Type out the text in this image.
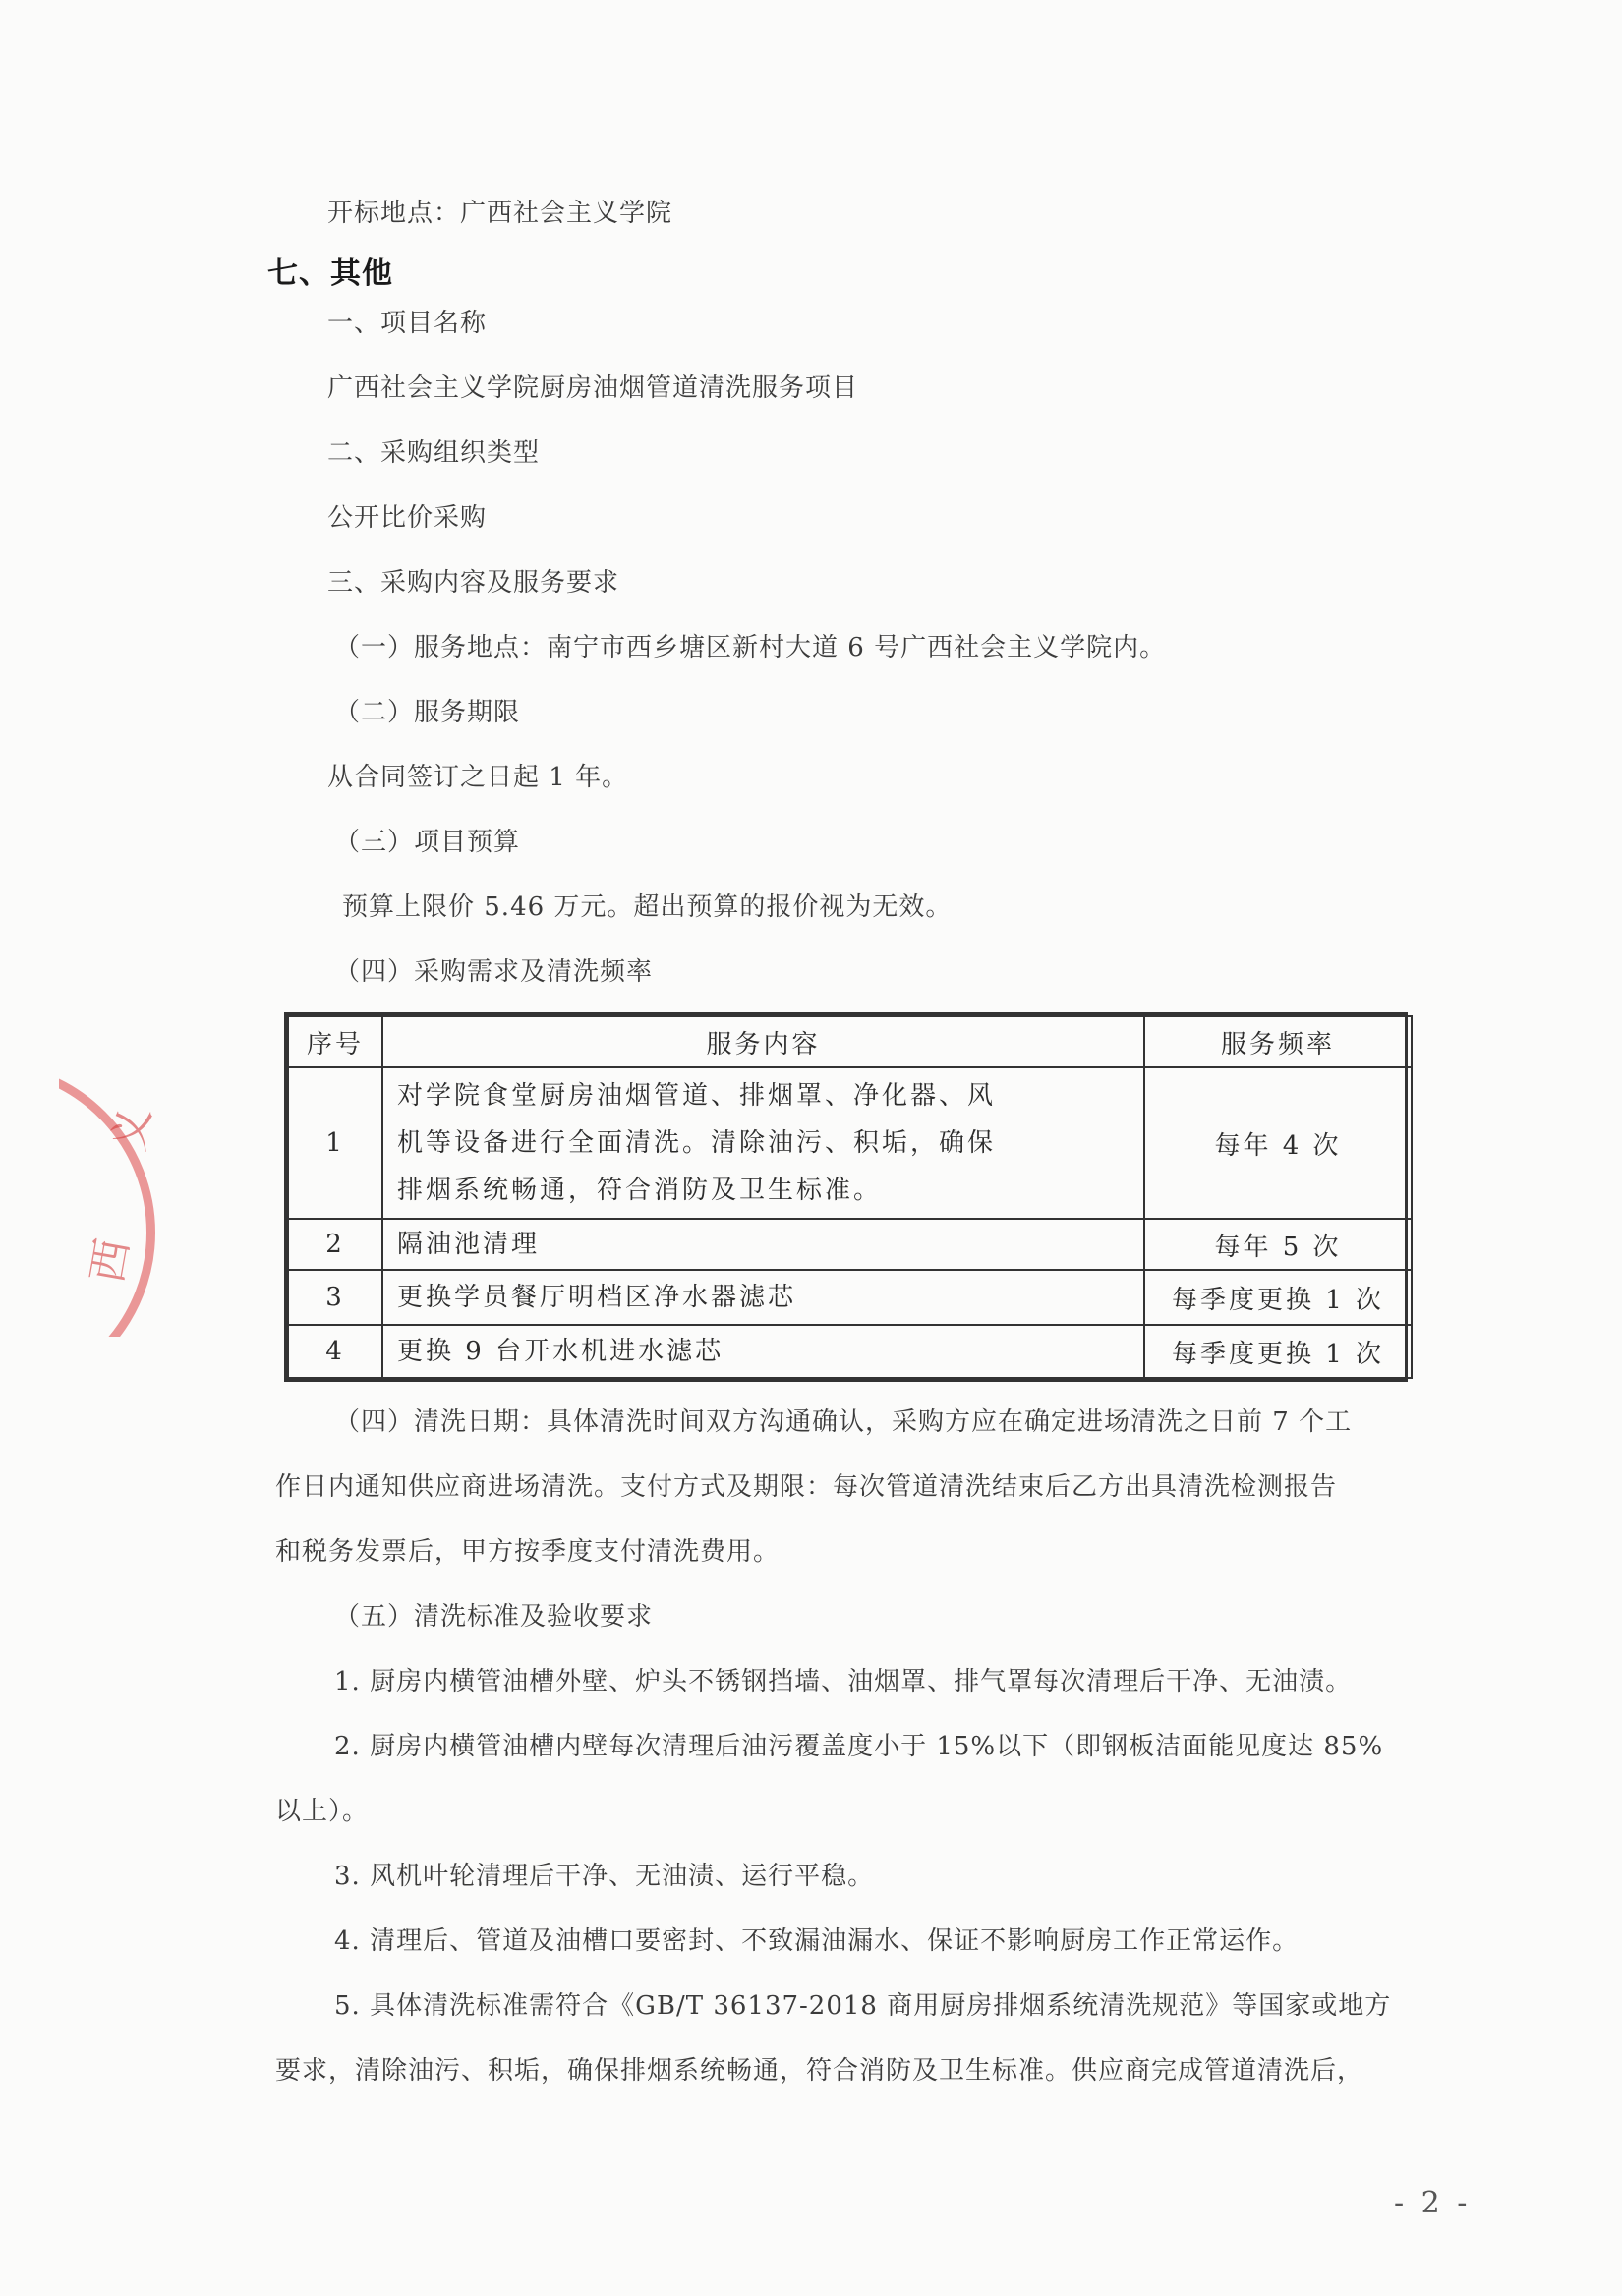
开标地点：广西社会主义学院
七、其他
一、项目名称
广西社会主义学院厨房油烟管道清洗服务项目
二、采购组织类型
公开比价采购
三、采购内容及服务要求
（一）服务地点：南宁市西乡塘区新村大道 6 号广西社会主义学院内。
（二）服务期限
从合同签订之日起 1 年。
（三）项目预算
预算上限价 5.46 万元。超出预算的报价视为无效。
（四）采购需求及清洗频率
序号	服务内容	服务频率
1	对学院食堂厨房油烟管道、排烟罩、净化器、风
机等设备进行全面清洗。清除油污、积垢，确保
排烟系统畅通，符合消防及卫生标准。	每年 4 次
2	隔油池清理	每年 5 次
3	更换学员餐厅明档区净水器滤芯	每季度更换 1 次
4	更换 9 台开水机进水滤芯	每季度更换 1 次
（四）清洗日期：具体清洗时间双方沟通确认，采购方应在确定进场清洗之日前 7 个工
作日内通知供应商进场清洗。支付方式及期限：每次管道清洗结束后乙方出具清洗检测报告
和税务发票后，甲方按季度支付清洗费用。
（五）清洗标准及验收要求
1. 厨房内横管油槽外壁、炉头不锈钢挡墙、油烟罩、排气罩每次清理后干净、无油渍。
2. 厨房内横管油槽内壁每次清理后油污覆盖度小于 15%以下（即钢板洁面能见度达 85%
以上）。
3. 风机叶轮清理后干净、无油渍、运行平稳。
4. 清理后、管道及油槽口要密封、不致漏油漏水、保证不影响厨房工作正常运作。
5. 具体清洗标准需符合《GB/T 36137-2018 商用厨房排烟系统清洗规范》等国家或地方
要求，清除油污、积垢，确保排烟系统畅通，符合消防及卫生标准。供应商完成管道清洗后，
- 2 -
义
西
